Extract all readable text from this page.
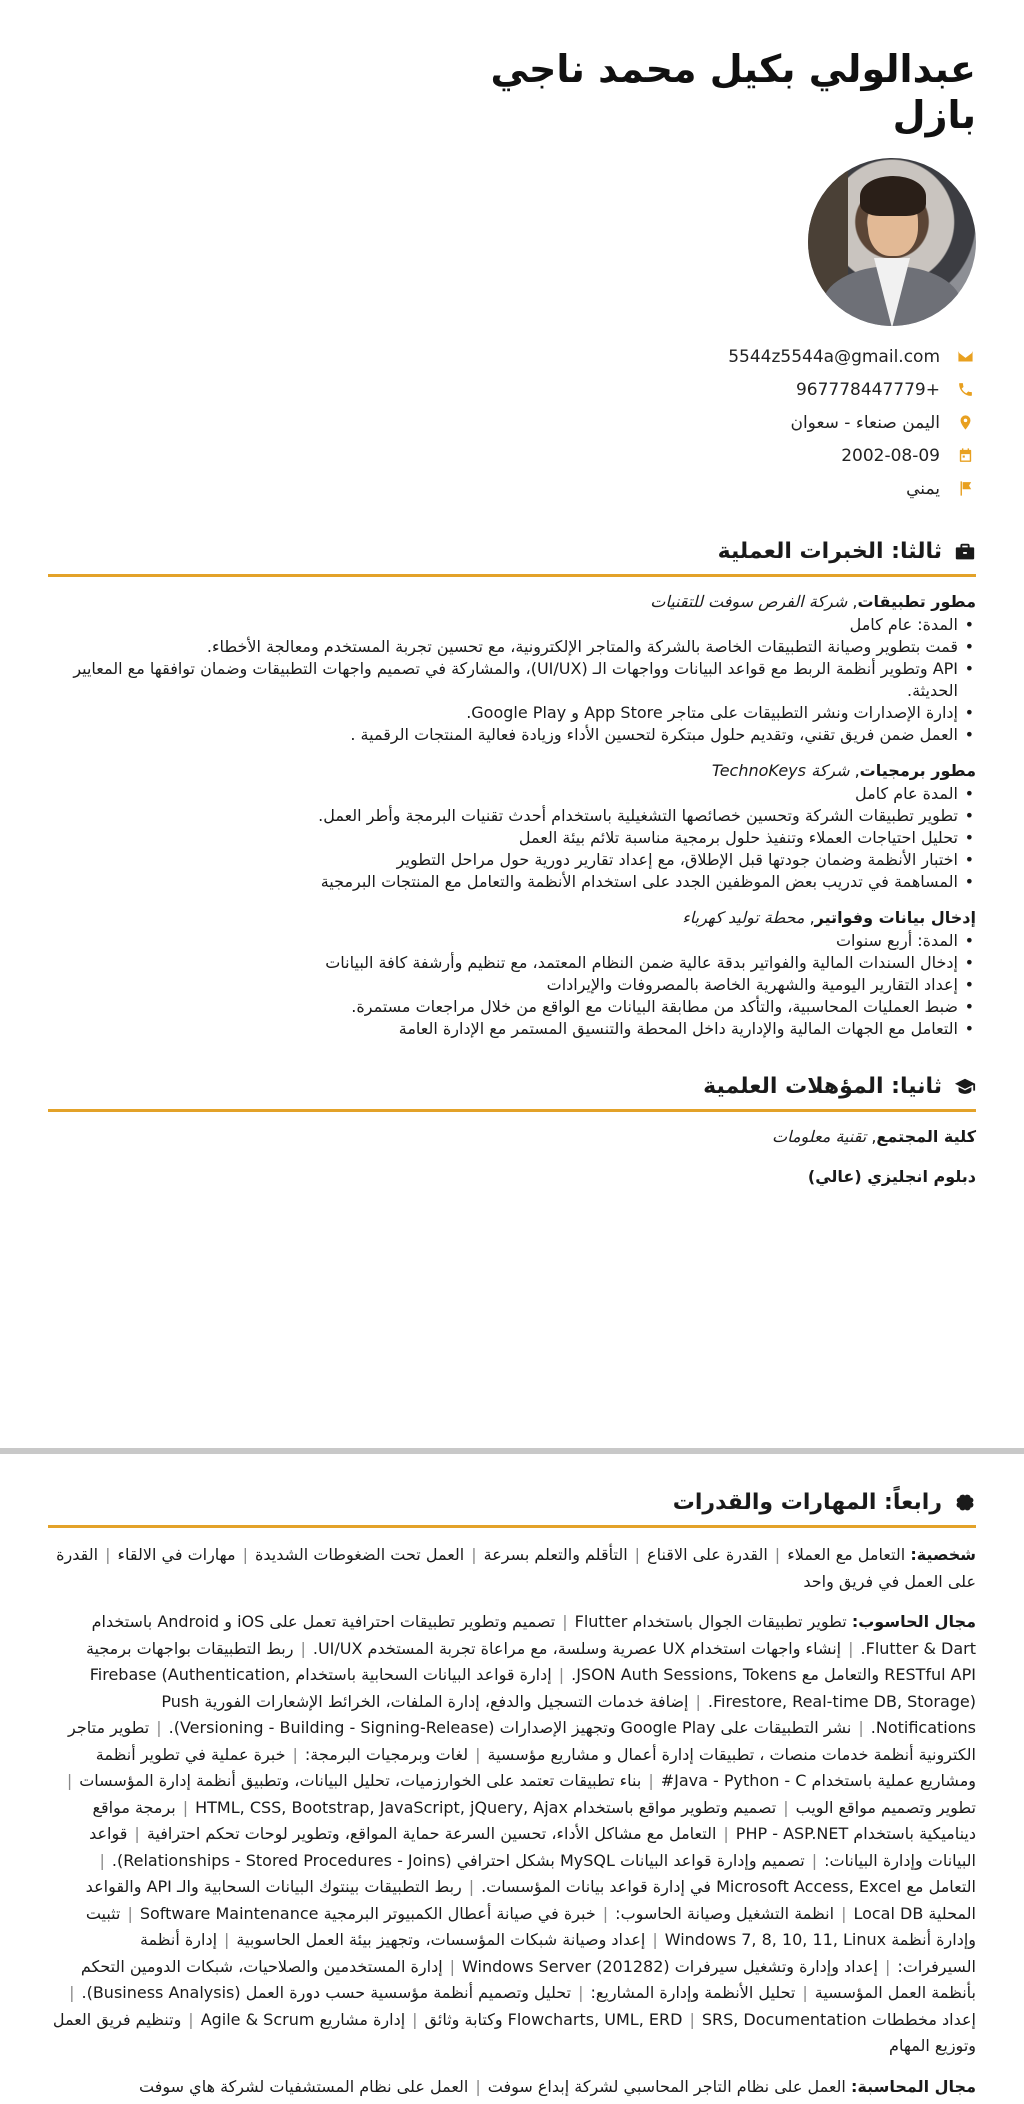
عبدالولي بكيل محمد ناجي بازل
5544z5544a@gmail.com
+967778447779
اليمن صنعاء - سعوان
2002-08-09
يمني
ثالثا: الخبرات العملية
مطور تطبيقات, شركة الفرص سوفت للتقنيات
• المدة: عام كامل
• قمت بتطوير وصيانة التطبيقات الخاصة بالشركة والمتاجر الإلكترونية، مع تحسين تجربة المستخدم ومعالجة الأخطاء.
• API وتطوير أنظمة الربط مع قواعد البيانات وواجهات الـ (UI/UX)، والمشاركة في تصميم واجهات التطبيقات وضمان توافقها مع المعايير الحديثة.
• إدارة الإصدارات ونشر التطبيقات على متاجر App Store و Google Play.
• العمل ضمن فريق تقني، وتقديم حلول مبتكرة لتحسين الأداء وزيادة فعالية المنتجات الرقمية .
مطور برمجيات, شركة TechnoKeys
• المدة عام كامل
• تطوير تطبيقات الشركة وتحسين خصائصها التشغيلية باستخدام أحدث تقنيات البرمجة وأطر العمل.
• تحليل احتياجات العملاء وتنفيذ حلول برمجية مناسبة تلائم بيئة العمل
• اختبار الأنظمة وضمان جودتها قبل الإطلاق، مع إعداد تقارير دورية حول مراحل التطوير
• المساهمة في تدريب بعض الموظفين الجدد على استخدام الأنظمة والتعامل مع المنتجات البرمجية
إدخال بيانات وفواتير, محطة توليد كهرباء
• المدة: أربع سنوات
• إدخال السندات المالية والفواتير بدقة عالية ضمن النظام المعتمد، مع تنظيم وأرشفة كافة البيانات
• إعداد التقارير اليومية والشهرية الخاصة بالمصروفات والإيرادات
• ضبط العمليات المحاسبية، والتأكد من مطابقة البيانات مع الواقع من خلال مراجعات مستمرة.
• التعامل مع الجهات المالية والإدارية داخل المحطة والتنسيق المستمر مع الإدارة العامة
ثانيا: المؤهلات العلمية
كلية المجتمع, تقنية معلومات
دبلوم انجليزي (عالي)
رابعاً: المهارات والقدرات
شخصية: التعامل مع العملاء|القدرة على الاقناع|التأقلم والتعلم بسرعة|العمل تحت الضغوطات الشديدة|مهارات في الالقاء|القدرة على العمل في فريق واحد
مجال الحاسوب: تطوير تطبيقات الجوال باستخدام Flutter|تصميم وتطوير تطبيقات احترافية تعمل على iOS و Android باستخدام Flutter & Dart.|إنشاء واجهات استخدام UX عصرية وسلسة، مع مراعاة تجربة المستخدم UI/UX.|ربط التطبيقات بواجهات برمجية RESTful API والتعامل مع JSON Auth Sessions, Tokens.|إدارة قواعد البيانات السحابية باستخدام Firebase (Authentication, Firestore, Real-time DB, Storage).|إضافة خدمات التسجيل والدفع، إدارة الملفات، الخرائط الإشعارات الفورية Push Notifications.|نشر التطبيقات على Google Play وتجهيز الإصدارات (Versioning - Building - Signing-Release).|تطوير متاجر الكترونية أنظمة خدمات منصات ، تطبيقات إدارة أعمال و مشاريع مؤسسية|لغات وبرمجيات البرمجة:|خبرة عملية في تطوير أنظمة ومشاريع عملية باستخدام Java - Python - C#|بناء تطبيقات تعتمد على الخوارزميات، تحليل البيانات، وتطبيق أنظمة إدارة المؤسسات|تطوير وتصميم مواقع الويب|تصميم وتطوير مواقع باستخدام HTML, CSS, Bootstrap, JavaScript, jQuery, Ajax|برمجة مواقع ديناميكية باستخدام PHP - ASP.NET|التعامل مع مشاكل الأداء، تحسين السرعة حماية المواقع، وتطوير لوحات تحكم احترافية|قواعد البيانات وإدارة البيانات:|تصميم وإدارة قواعد البيانات MySQL بشكل احترافي (Relationships - Stored Procedures - Joins).|التعامل مع Microsoft Access, Excel في إدارة قواعد بيانات المؤسسات.|ربط التطبيقات بينتوك البيانات السحابية والـ API والقواعد المحلية Local DB|انظمة التشغيل وصيانة الحاسوب:|خبرة في صيانة أعطال الكمبيوتر البرمجية Software Maintenance|تثبيت وإدارة أنظمة Windows 7, 8, 10, 11, Linux|إعداد وصيانة شبكات المؤسسات، وتجهيز بيئة العمل الحاسوبية|إدارة أنظمة السيرفرات:|إعداد وإدارة وتشغيل سيرفرات Windows Server (201282)|إدارة المستخدمين والصلاحيات، شبكات الدومين التحكم بأنظمة العمل المؤسسية|تحليل الأنظمة وإدارة المشاريع:|تحليل وتصميم أنظمة مؤسسية حسب دورة العمل (Business Analysis).|إعداد مخططات Flowcharts, UML, ERD|SRS, Documentation وكتابة وثائق|إدارة مشاريع Agile & Scrum|وتنظيم فريق العمل وتوزيع المهام
مجال المحاسبة: العمل على نظام التاجر المحاسبي لشركة إبداع سوفت|العمل على نظام المستشفيات لشركة هاي سوفت
